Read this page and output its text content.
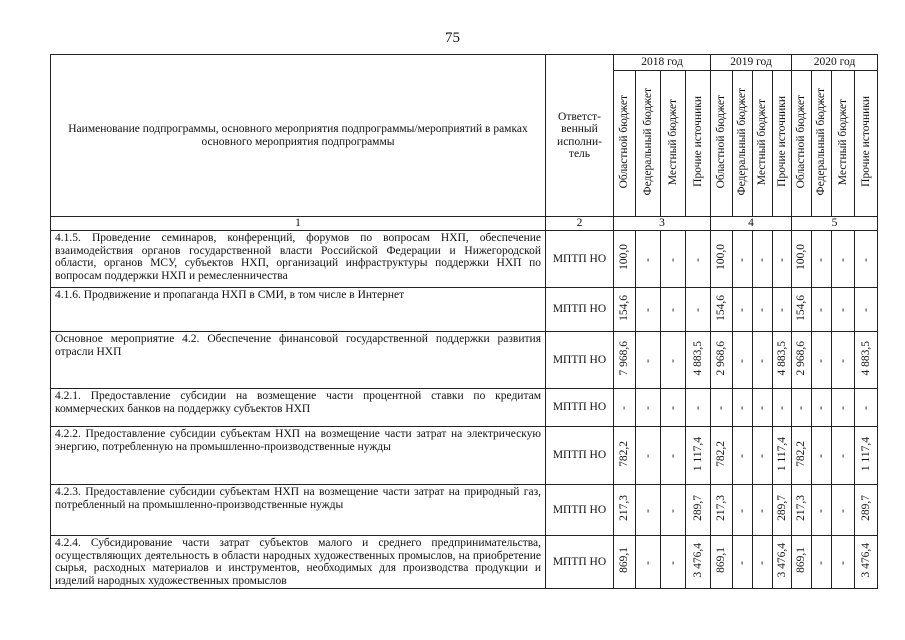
75
Наименование подпрограммы, основного мероприятия подпрограммы/мероприятий в рамках основного мероприятия подпрограммы	Ответст-
венный
исполни-
тель	2018 год				2019 год				2020 год			
		Областной бюджет	Федеральный бюджет	Местный бюджет	Прочие источники	Областной бюджет	Федеральный бюджет	Местный бюджет	Прочие источники	Областной бюджет	Федеральный бюджет	Местный бюджет	Прочие источники
1	2	3				4				5			
4.1.5. Проведение семинаров, конференций, форумов по вопросам НХП, обеспечение взаимодействия органов государственной власти Российской Федерации и Нижегородской области, органов МСУ, субъектов НХП, организаций инфраструктуры поддержки НХП по вопросам поддержки НХП и ремесленничества	МПТП НО	100,0	-	-	-	100,0	-	-	-	100,0	-	-	-
4.1.6. Продвижение и пропаганда НХП в СМИ, в том числе в Интернет	МПТП НО	154,6	-	-	-	154,6	-	-	-	154,6	-	-	-
Основное мероприятие 4.2. Обеспечение финансовой государственной поддержки развития отрасли НХП	МПТП НО	7 968,6	-	-	4 883,5	2 968,6	-	-	4 883,5	2 968,6	-	-	4 883,5
4.2.1. Предоставление субсидии на возмещение части процентной ставки по кредитам коммерческих банков на поддержку субъектов НХП	МПТП НО	-	-	-	-	-	-	-	-	-	-	-	-
4.2.2. Предоставление субсидии субъектам НХП на возмещение части затрат на электрическую энергию, потребленную на промышленно-производственные нужды	МПТП НО	782,2	-	-	1 117,4	782,2	-	-	1 117,4	782,2	-	-	1 117,4
4.2.3. Предоставление субсидии субъектам НХП на возмещение части затрат на природный газ, потребленный на промышленно-производственные нужды	МПТП НО	217,3	-	-	289,7	217,3	-	-	289,7	217,3	-	-	289,7
4.2.4. Субсидирование части затрат субъектов малого и среднего предпринимательства, осуществляющих деятельность в области народных художественных промыслов, на приобретение сырья, расходных материалов и инструментов, необходимых для производства продукции и изделий народных художественных промыслов	МПТП НО	869,1	-	-	3 476,4	869,1	-	-	3 476,4	869,1	-	-	3 476,4
